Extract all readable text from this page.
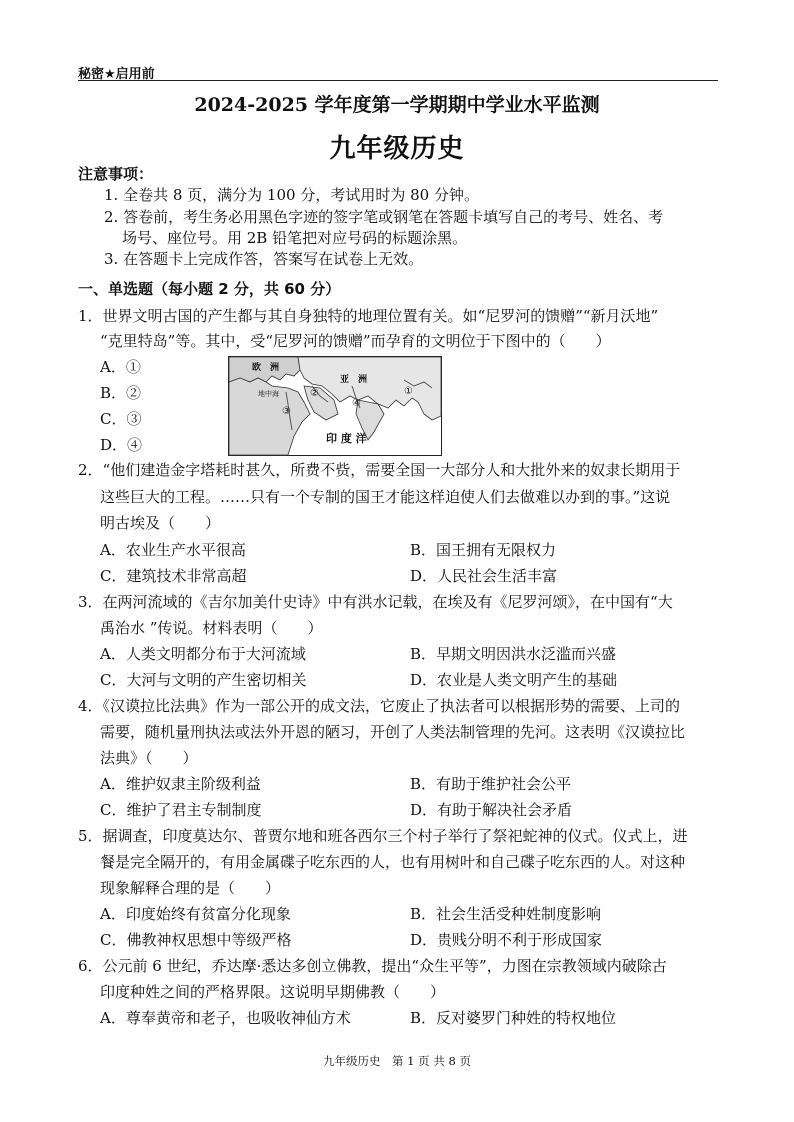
秘密★启用前
2024-2025 学年度第一学期期中学业水平监测
九年级历史
注意事项：
1. 全卷共 8 页，满分为 100 分，考试用时为 80 分钟。
2. 答卷前，考生务必用黑色字迹的签字笔或钢笔在答题卡填写自己的考号、姓名、考
场号、座位号。用 2B 铅笔把对应号码的标题涂黑。
3. 在答题卡上完成作答，答案写在试卷上无效。
一、单选题（每小题 2 分，共 60 分）
1．世界文明古国的产生都与其自身独特的地理位置有关。如“尼罗河的馈赠”“新月沃地”
“克里特岛”等。其中，受“尼罗河的馈赠”而孕育的文明位于下图中的（　　）
A．①
B．②
C．③
D．④
欧　洲
亚　洲
地中海
印 度 洋
①
②
③
④
2．“他们建造金字塔耗时甚久，所费不赀，需要全国一大部分人和大批外来的奴隶长期用于
这些巨大的工程。……只有一个专制的国王才能这样迫使人们去做难以办到的事。”这说
明古埃及（　　）
A．农业生产水平很高	B．国王拥有无限权力
C．建筑技术非常高超	D．人民社会生活丰富
3．在两河流域的《吉尔加美什史诗》中有洪水记载，在埃及有《尼罗河颂》，在中国有“大
禹治水 ”传说。材料表明（　　）
A．人类文明都分布于大河流域	B．早期文明因洪水泛滥而兴盛
C．大河与文明的产生密切相关	D．农业是人类文明产生的基础
4．《汉谟拉比法典》作为一部公开的成文法，它废止了执法者可以根据形势的需要、上司的
需要，随机量刑执法或法外开恩的陋习，开创了人类法制管理的先河。这表明《汉谟拉比
法典》（　　）
A．维护奴隶主阶级利益	B．有助于维护社会公平
C．维护了君主专制制度	D．有助于解决社会矛盾
5．据调查，印度莫达尔、普贾尔地和班各西尔三个村子举行了祭祀蛇神的仪式。仪式上，进
餐是完全隔开的，有用金属碟子吃东西的人，也有用树叶和自己碟子吃东西的人。对这种
现象解释合理的是（　　）
A．印度始终有贫富分化现象	B．社会生活受种姓制度影响
C．佛教神权思想中等级严格	D．贵贱分明不利于形成国家
6．公元前 6 世纪，乔达摩·悉达多创立佛教，提出“众生平等”，力图在宗教领域内破除古
印度种姓之间的严格界限。这说明早期佛教（　　）
A．尊奉黄帝和老子，也吸收神仙方术	B．反对婆罗门种姓的特权地位
九年级历史　第 1 页 共 8 页
